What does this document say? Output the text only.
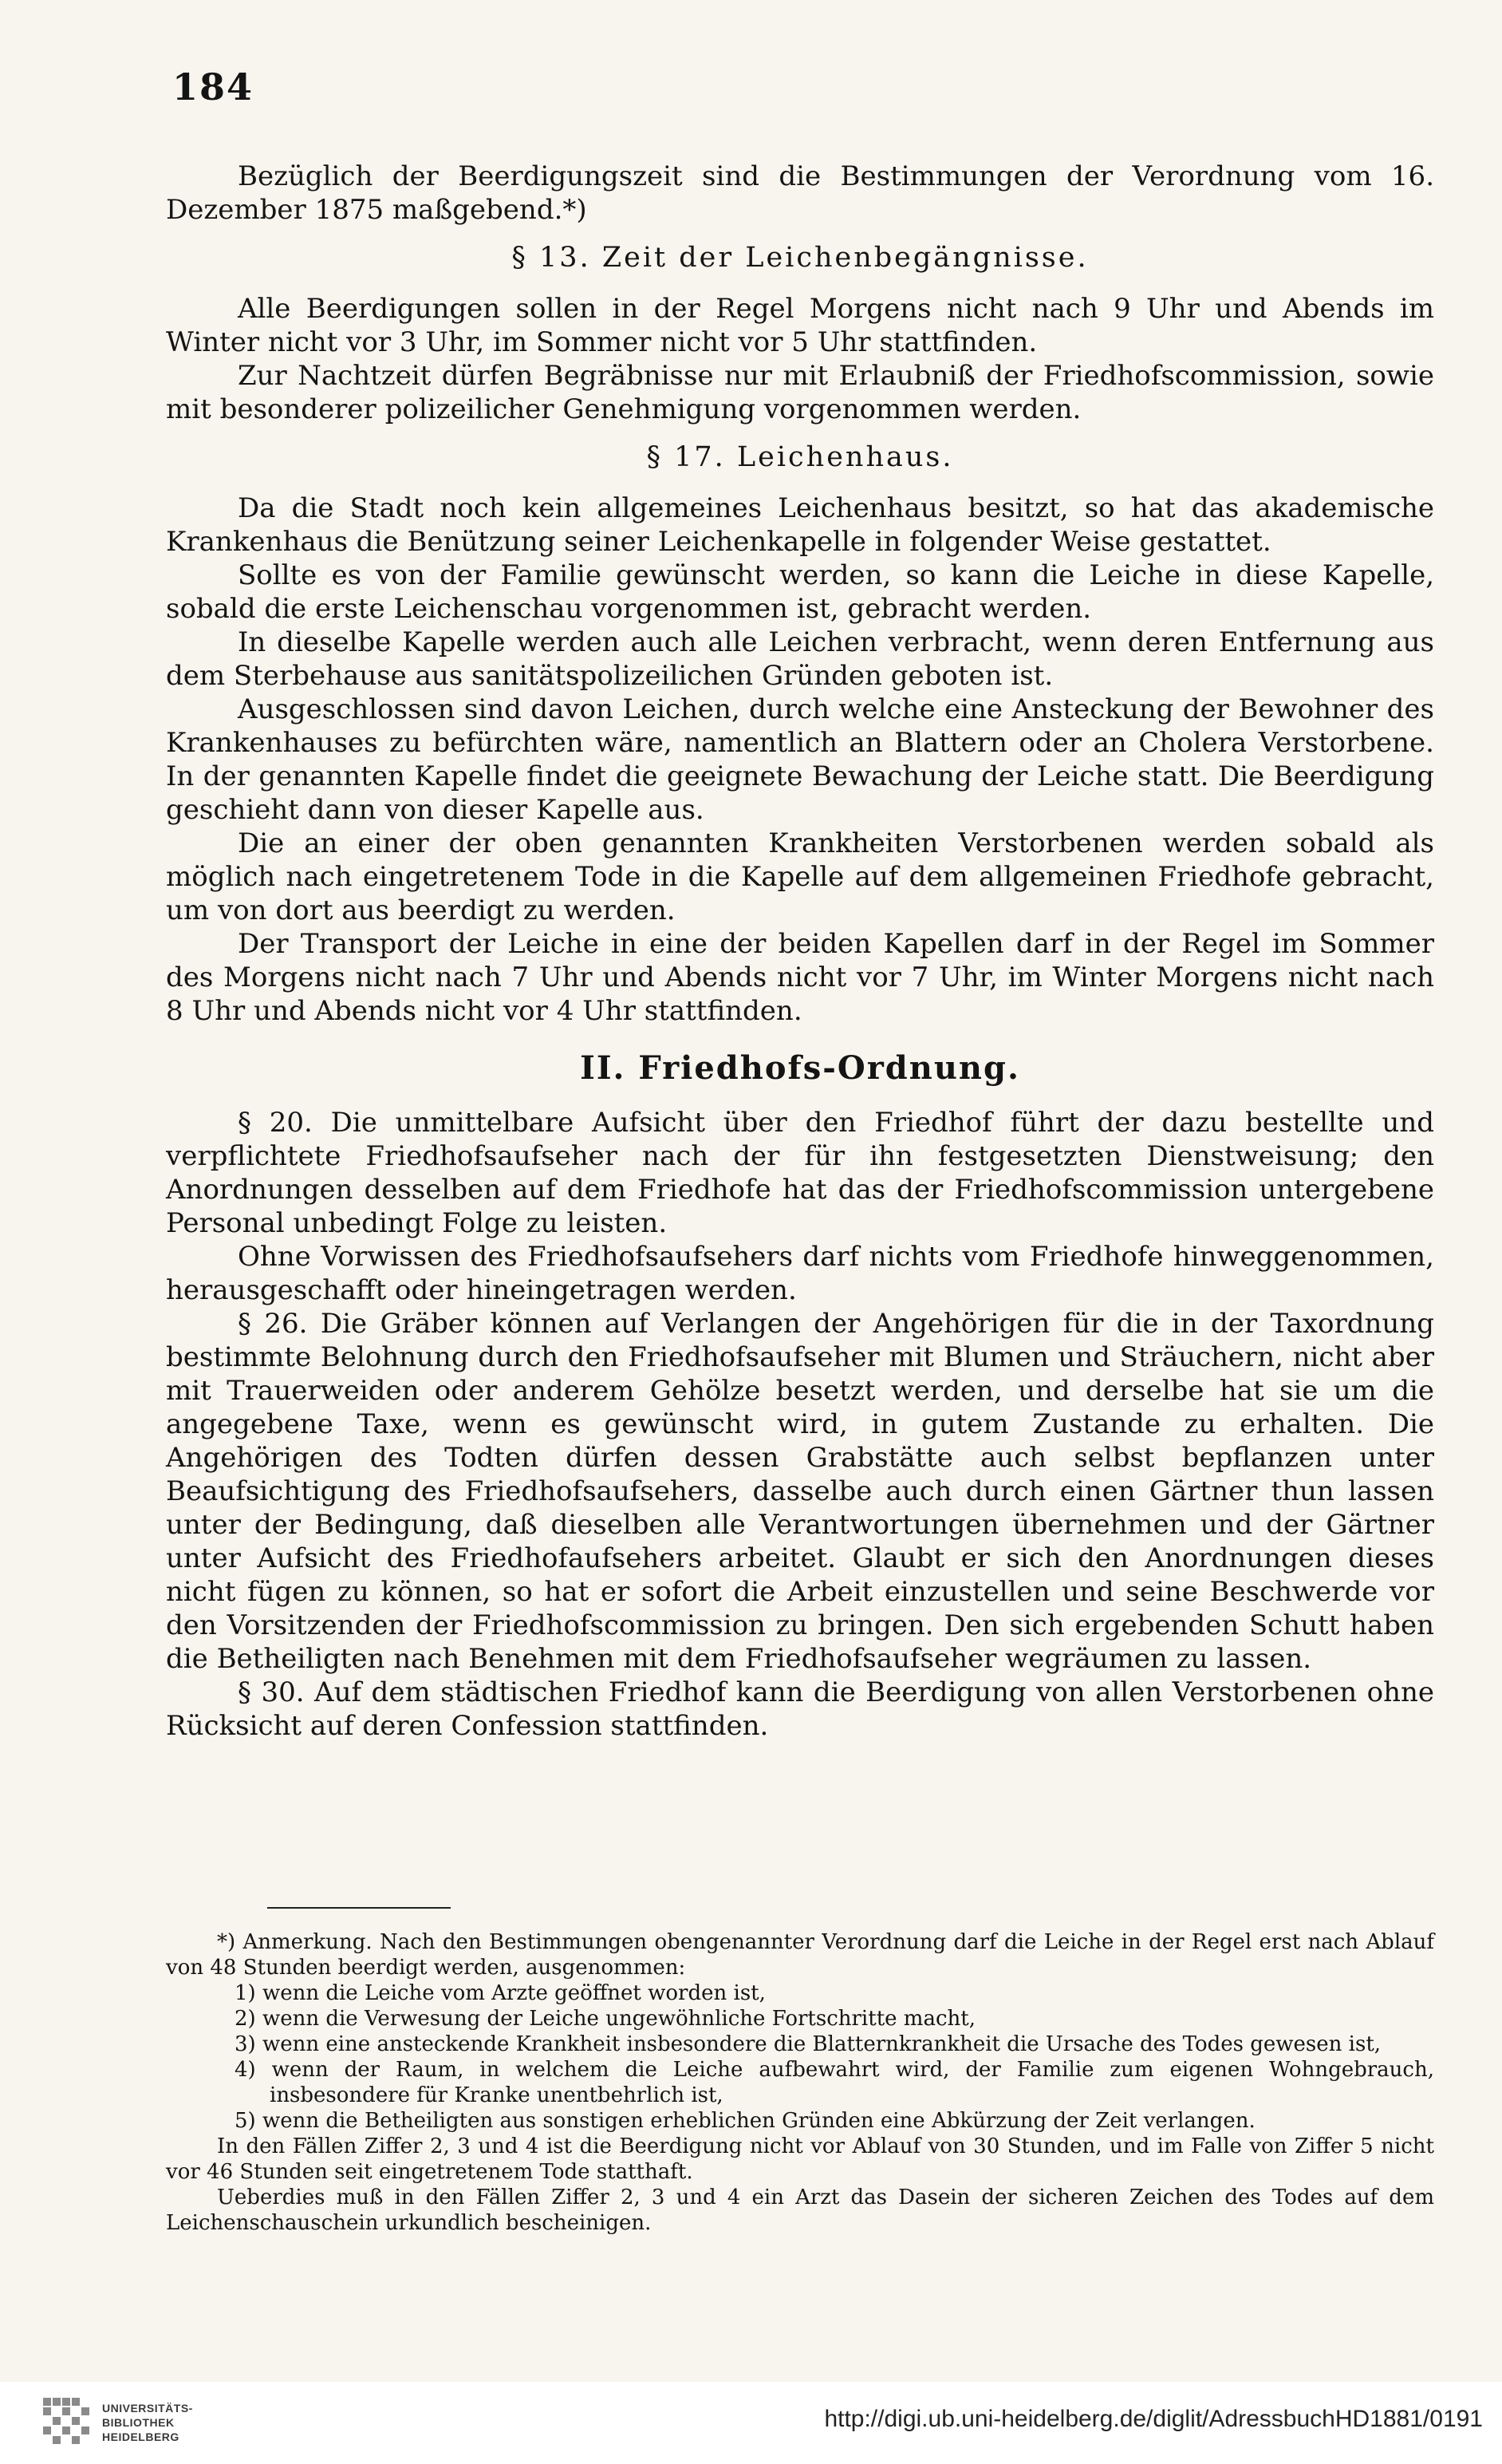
184

Bezüglich der Beerdigungszeit sind die Bestimmungen der Verordnung vom 16. Dezember 1875 maßgebend.*)

§ 13. Zeit der Leichenbegängnisse.

Alle Beerdigungen sollen in der Regel Morgens nicht nach 9 Uhr und Abends im Winter nicht vor 3 Uhr, im Sommer nicht vor 5 Uhr stattfinden.

Zur Nachtzeit dürfen Begräbnisse nur mit Erlaubniß der Friedhofscommission, sowie mit besonderer polizeilicher Genehmigung vorgenommen werden.

§ 17. Leichenhaus.

Da die Stadt noch kein allgemeines Leichenhaus besitzt, so hat das akademische Krankenhaus die Benützung seiner Leichenkapelle in folgender Weise gestattet.

Sollte es von der Familie gewünscht werden, so kann die Leiche in diese Kapelle, sobald die erste Leichenschau vorgenommen ist, gebracht werden.

In dieselbe Kapelle werden auch alle Leichen verbracht, wenn deren Entfernung aus dem Sterbehause aus sanitätspolizeilichen Gründen geboten ist.

Ausgeschlossen sind davon Leichen, durch welche eine Ansteckung der Bewohner des Krankenhauses zu befürchten wäre, namentlich an Blattern oder an Cholera Verstorbene. In der genannten Kapelle findet die geeignete Bewachung der Leiche statt. Die Beerdigung geschieht dann von dieser Kapelle aus.

Die an einer der oben genannten Krankheiten Verstorbenen werden sobald als möglich nach eingetretenem Tode in die Kapelle auf dem allgemeinen Friedhofe gebracht, um von dort aus beerdigt zu werden.

Der Transport der Leiche in eine der beiden Kapellen darf in der Regel im Sommer des Morgens nicht nach 7 Uhr und Abends nicht vor 7 Uhr, im Winter Morgens nicht nach 8 Uhr und Abends nicht vor 4 Uhr stattfinden.

II. Friedhofs-Ordnung.

§ 20. Die unmittelbare Aufsicht über den Friedhof führt der dazu bestellte und verpflichtete Friedhofsaufseher nach der für ihn festgesetzten Dienstweisung; den Anordnungen desselben auf dem Friedhofe hat das der Friedhofscommission untergebene Personal unbedingt Folge zu leisten.

Ohne Vorwissen des Friedhofsaufsehers darf nichts vom Friedhofe hinweggenommen, herausgeschafft oder hineingetragen werden.

§ 26. Die Gräber können auf Verlangen der Angehörigen für die in der Taxordnung bestimmte Belohnung durch den Friedhofsaufseher mit Blumen und Sträuchern, nicht aber mit Trauerweiden oder anderem Gehölze besetzt werden, und derselbe hat sie um die angegebene Taxe, wenn es gewünscht wird, in gutem Zustande zu erhalten. Die Angehörigen des Todten dürfen dessen Grabstätte auch selbst bepflanzen unter Beaufsichtigung des Friedhofsaufsehers, dasselbe auch durch einen Gärtner thun lassen unter der Bedingung, daß dieselben alle Verantwortungen übernehmen und der Gärtner unter Aufsicht des Friedhofaufsehers arbeitet. Glaubt er sich den Anordnungen dieses nicht fügen zu können, so hat er sofort die Arbeit einzustellen und seine Beschwerde vor den Vorsitzenden der Friedhofscommission zu bringen. Den sich ergebenden Schutt haben die Betheiligten nach Benehmen mit dem Friedhofsaufseher wegräumen zu lassen.

§ 30. Auf dem städtischen Friedhof kann die Beerdigung von allen Verstorbenen ohne Rücksicht auf deren Confession stattfinden.

*) Anmerkung. Nach den Bestimmungen obengenannter Verordnung darf die Leiche in der Regel erst nach Ablauf von 48 Stunden beerdigt werden, ausgenommen:

1) wenn die Leiche vom Arzte geöffnet worden ist,
2) wenn die Verwesung der Leiche ungewöhnliche Fortschritte macht,
3) wenn eine ansteckende Krankheit insbesondere die Blatternkrankheit die Ursache des Todes gewesen ist,
4) wenn der Raum, in welchem die Leiche aufbewahrt wird, der Familie zum eigenen Wohngebrauch, insbesondere für Kranke unentbehrlich ist,
5) wenn die Betheiligten aus sonstigen erheblichen Gründen eine Abkürzung der Zeit verlangen.

In den Fällen Ziffer 2, 3 und 4 ist die Beerdigung nicht vor Ablauf von 30 Stunden, und im Falle von Ziffer 5 nicht vor 46 Stunden seit eingetretenem Tode statthaft.

Ueberdies muß in den Fällen Ziffer 2, 3 und 4 ein Arzt das Dasein der sicheren Zeichen des Todes auf dem Leichenschauschein urkundlich bescheinigen.

UNIVERSITÄTS-
BIBLIOTHEK
HEIDELBERG
http://digi.ub.uni-heidelberg.de/diglit/AdressbuchHD1881/0191
